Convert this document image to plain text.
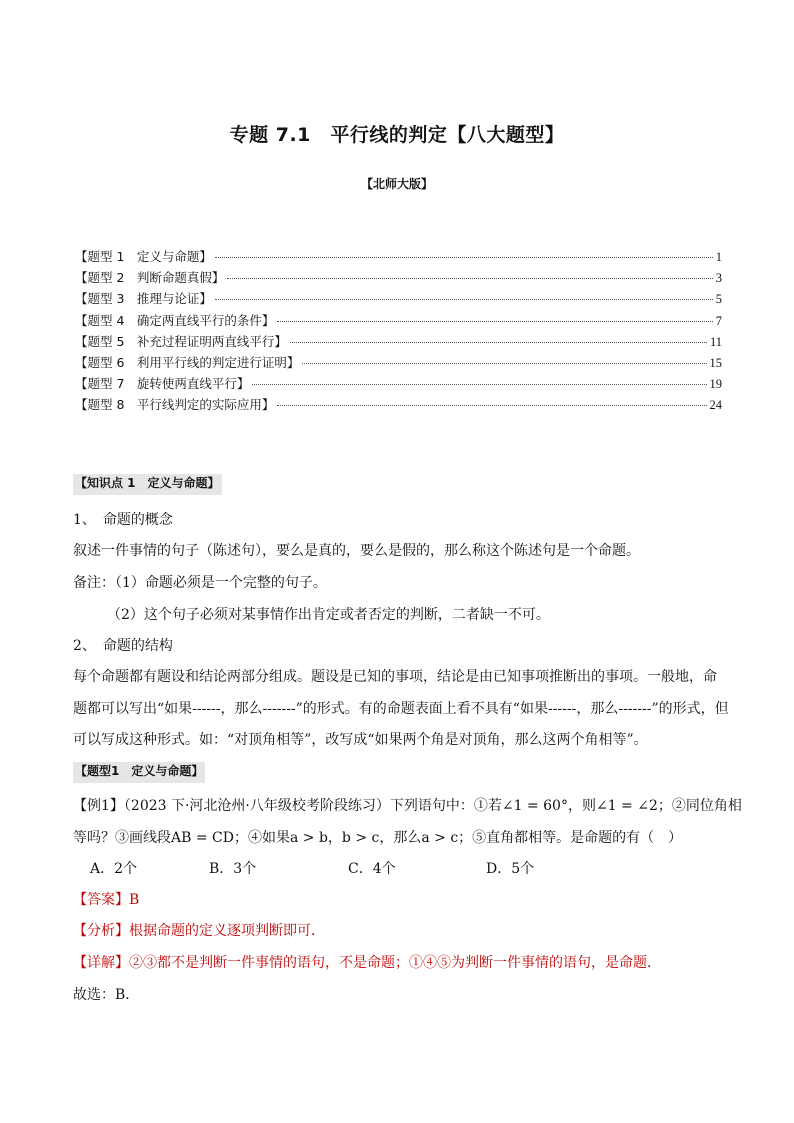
专题 7.1　平行线的判定【八大题型】
【北师大版】
【题型 1　定义与命题】	1
【题型 2　判断命题真假】	3
【题型 3　推理与论证】	5
【题型 4　确定两直线平行的条件】	7
【题型 5　补充过程证明两直线平行】	11
【题型 6　利用平行线的判定进行证明】	15
【题型 7　旋转使两直线平行】	19
【题型 8　平行线判定的实际应用】	24
【知识点 1　定义与命题】
1、　命题的概念
叙述一件事情的句子（陈述句），要么是真的，要么是假的，那么称这个陈述句是一个命题。
备注：（1）命题必须是一个完整的句子。
（2）这个句子必须对某事情作出肯定或者否定的判断，二者缺一不可。
2、　命题的结构
每个命题都有题设和结论两部分组成。题设是已知的事项，结论是由已知事项推断出的事项。一般地，命
题都可以写出“如果------，那么-------”的形式。有的命题表面上看不具有“如果------，那么-------”的形式，但
可以写成这种形式。如：“对顶角相等”，改写成“如果两个角是对顶角，那么这两个角相等”。
【题型1　定义与命题】
【例1】（2023 下·河北沧州·八年级校考阶段练习）下列语句中：①若∠1 = 60°，则∠1 = ∠2；②同位角相
等吗？③画线段AB = CD；④如果a > b，b > c，那么a > c；⑤直角都相等。是命题的有（　）
A．2个	B．3个	C．4个	D．5个
【答案】B
【分析】根据命题的定义逐项判断即可．
【详解】②③都不是判断一件事情的语句，不是命题；①④⑤为判断一件事情的语句，是命题．
故选：B．
